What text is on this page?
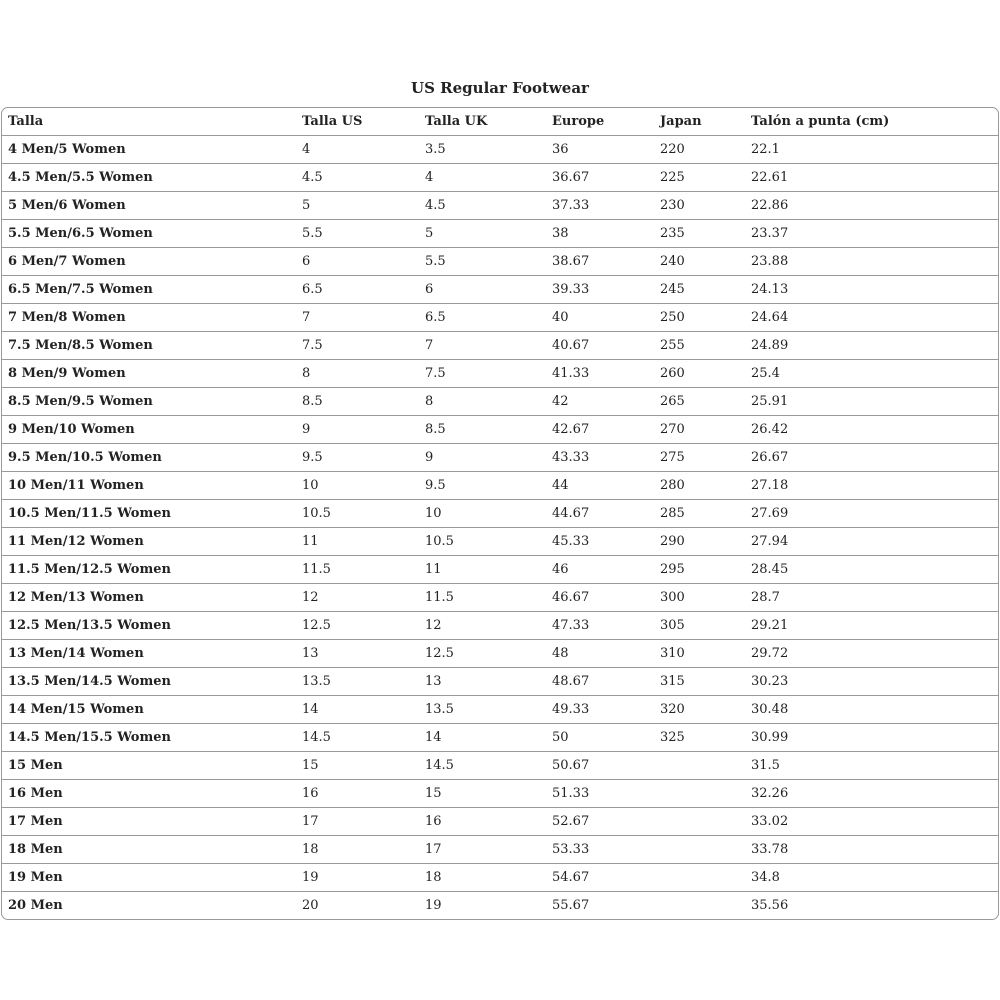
US Regular Footwear
Talla	Talla US	Talla UK	Europe	Japan	Talón a punta (cm)
4 Men/5 Women	4	3.5	36	220	22.1
4.5 Men/5.5 Women	4.5	4	36.67	225	22.61
5 Men/6 Women	5	4.5	37.33	230	22.86
5.5 Men/6.5 Women	5.5	5	38	235	23.37
6 Men/7 Women	6	5.5	38.67	240	23.88
6.5 Men/7.5 Women	6.5	6	39.33	245	24.13
7 Men/8 Women	7	6.5	40	250	24.64
7.5 Men/8.5 Women	7.5	7	40.67	255	24.89
8 Men/9 Women	8	7.5	41.33	260	25.4
8.5 Men/9.5 Women	8.5	8	42	265	25.91
9 Men/10 Women	9	8.5	42.67	270	26.42
9.5 Men/10.5 Women	9.5	9	43.33	275	26.67
10 Men/11 Women	10	9.5	44	280	27.18
10.5 Men/11.5 Women	10.5	10	44.67	285	27.69
11 Men/12 Women	11	10.5	45.33	290	27.94
11.5 Men/12.5 Women	11.5	11	46	295	28.45
12 Men/13 Women	12	11.5	46.67	300	28.7
12.5 Men/13.5 Women	12.5	12	47.33	305	29.21
13 Men/14 Women	13	12.5	48	310	29.72
13.5 Men/14.5 Women	13.5	13	48.67	315	30.23
14 Men/15 Women	14	13.5	49.33	320	30.48
14.5 Men/15.5 Women	14.5	14	50	325	30.99
15 Men	15	14.5	50.67		31.5
16 Men	16	15	51.33		32.26
17 Men	17	16	52.67		33.02
18 Men	18	17	53.33		33.78
19 Men	19	18	54.67		34.8
20 Men	20	19	55.67		35.56
